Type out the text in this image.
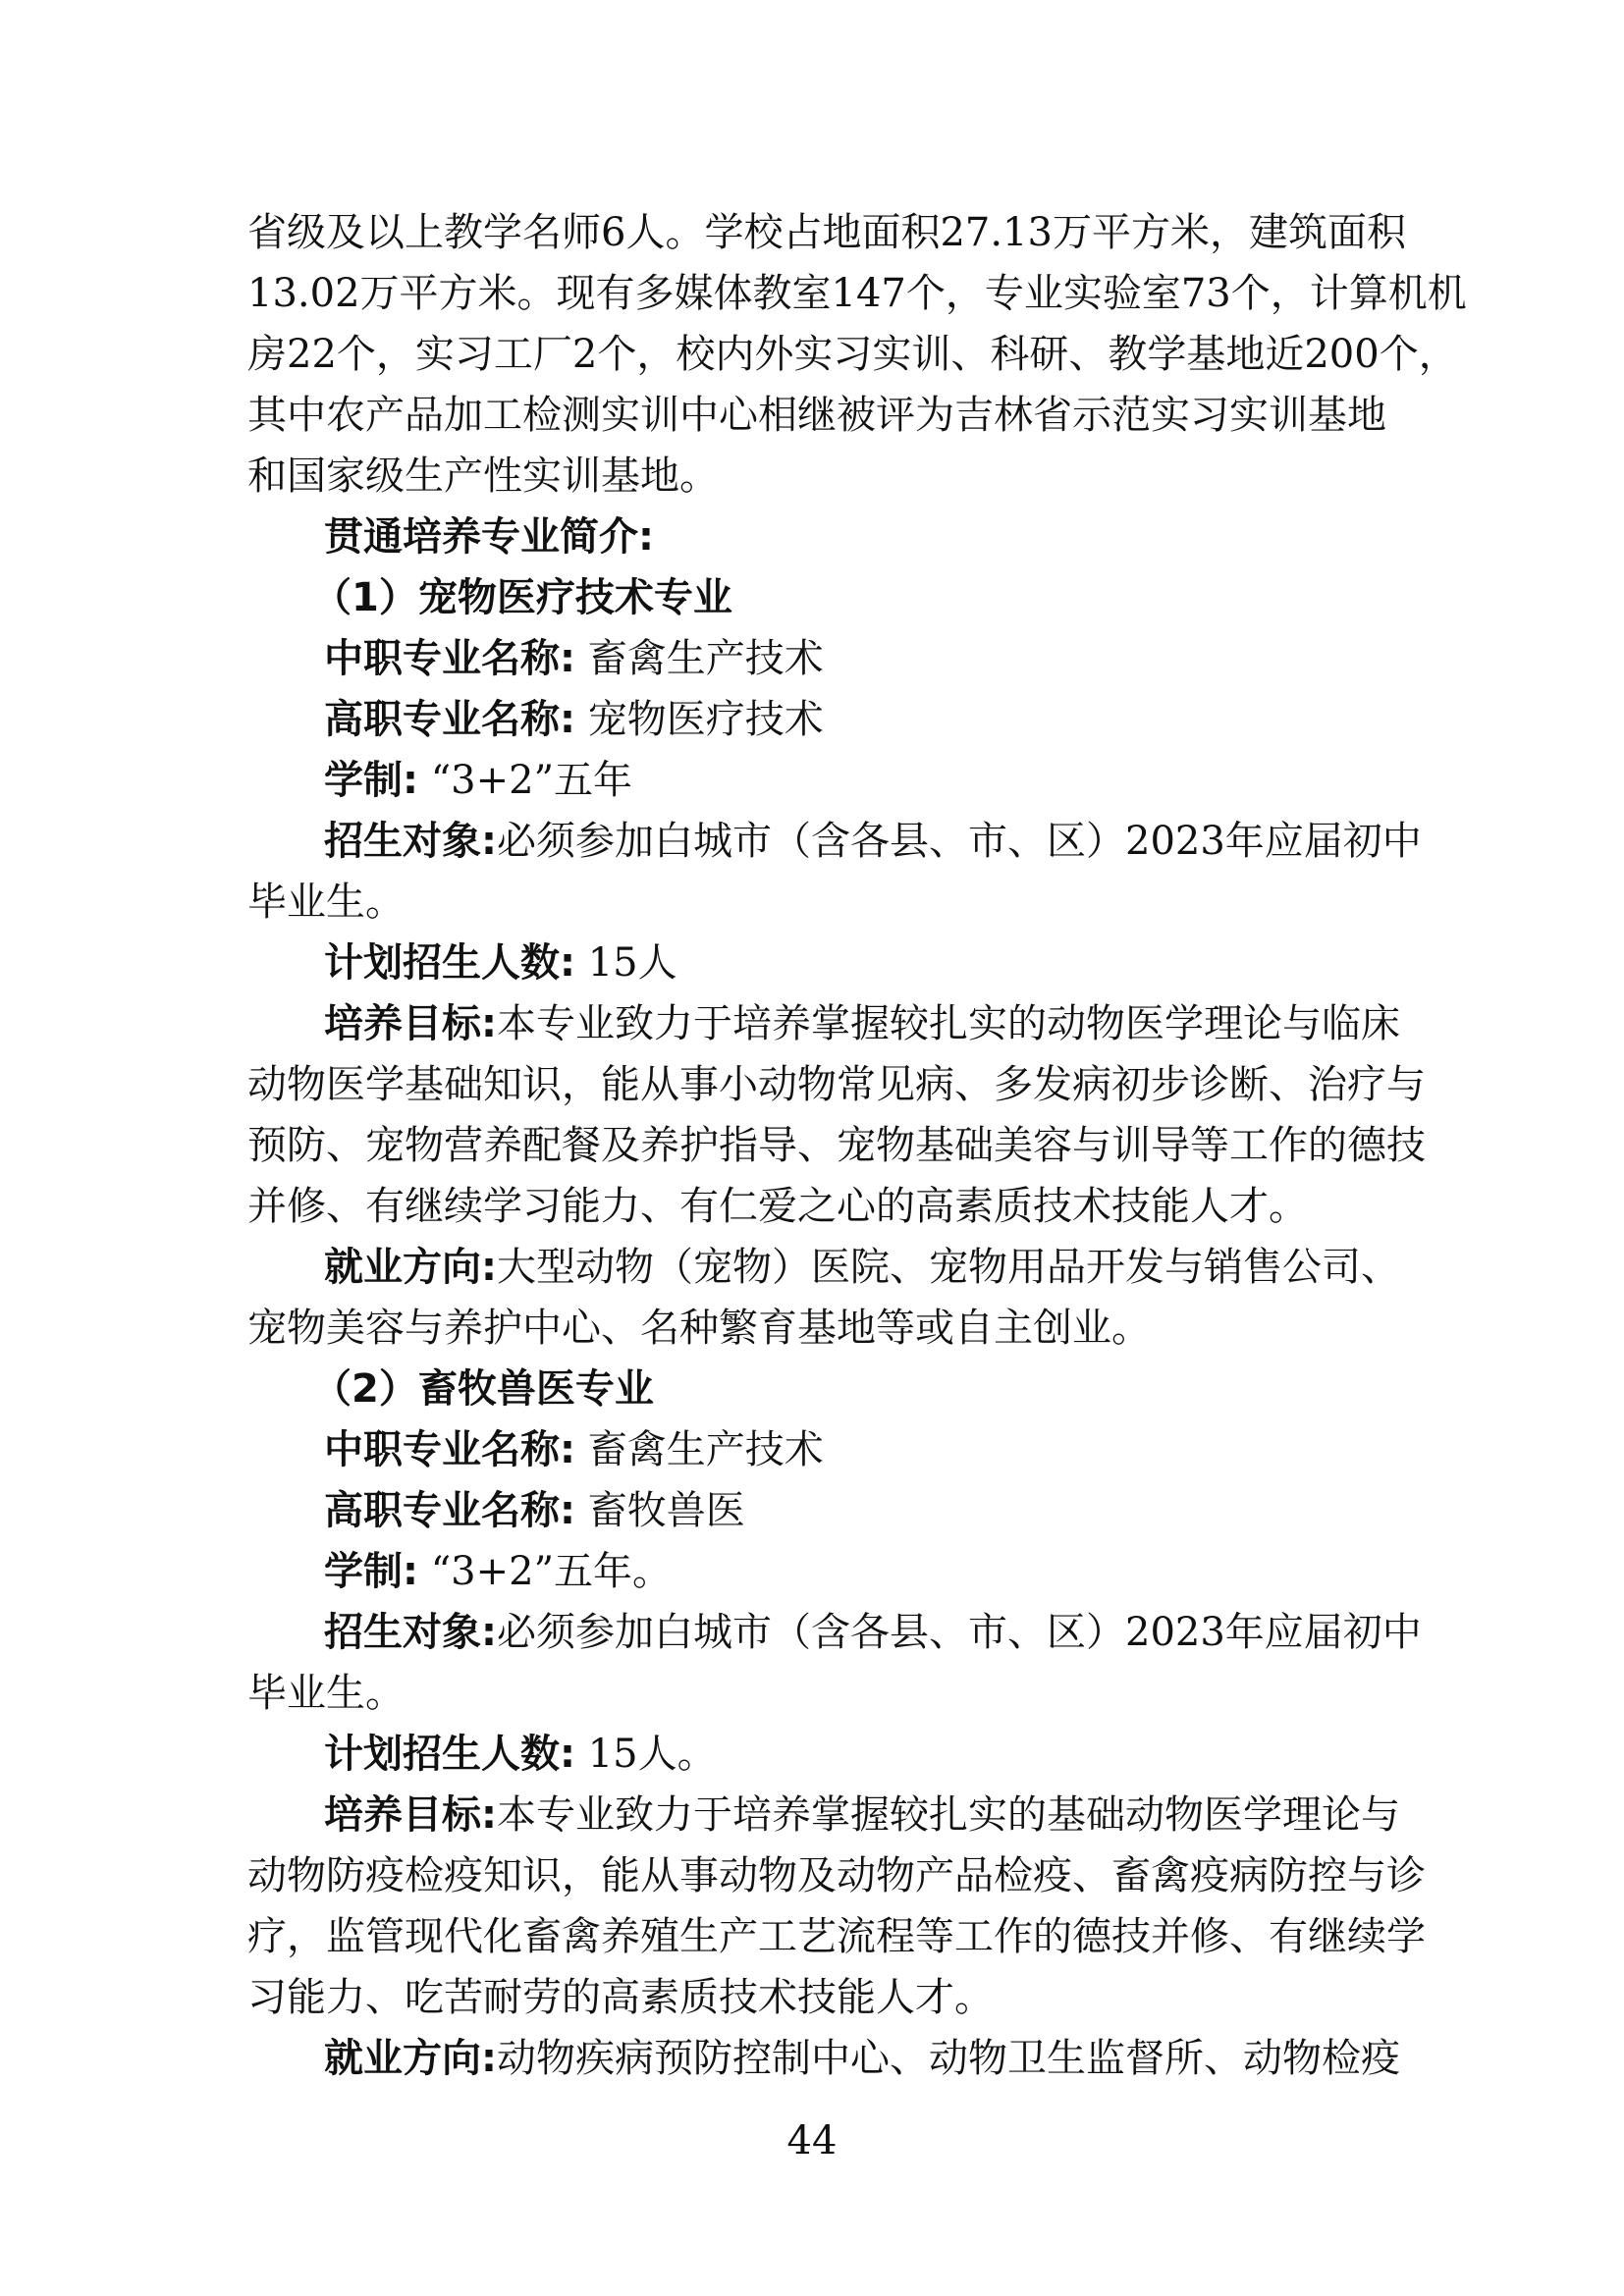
省级及以上教学名师6人。学校占地面积27.13万平方米，建筑面积
13.02万平方米。现有多媒体教室147个，专业实验室73个，计算机机
房22个，实习工厂2个，校内外实习实训、科研、教学基地近200个，
其中农产品加工检测实训中心相继被评为吉林省示范实习实训基地
和国家级生产性实训基地。
贯通培养专业简介:
（1）宠物医疗技术专业
中职专业名称: 畜禽生产技术
高职专业名称: 宠物医疗技术
学制: “3+2”五年
招生对象:必须参加白城市（含各县、市、区）2023年应届初中
毕业生。
计划招生人数: 15人
培养目标:本专业致力于培养掌握较扎实的动物医学理论与临床
动物医学基础知识，能从事小动物常见病、多发病初步诊断、治疗与
预防、宠物营养配餐及养护指导、宠物基础美容与训导等工作的德技
并修、有继续学习能力、有仁爱之心的高素质技术技能人才。
就业方向:大型动物（宠物）医院、宠物用品开发与销售公司、
宠物美容与养护中心、名种繁育基地等或自主创业。
（2）畜牧兽医专业
中职专业名称: 畜禽生产技术
高职专业名称: 畜牧兽医
学制: “3+2”五年。
招生对象:必须参加白城市（含各县、市、区）2023年应届初中
毕业生。
计划招生人数: 15人。
培养目标:本专业致力于培养掌握较扎实的基础动物医学理论与
动物防疫检疫知识，能从事动物及动物产品检疫、畜禽疫病防控与诊
疗，监管现代化畜禽养殖生产工艺流程等工作的德技并修、有继续学
习能力、吃苦耐劳的高素质技术技能人才。
就业方向:动物疾病预防控制中心、动物卫生监督所、动物检疫
44
